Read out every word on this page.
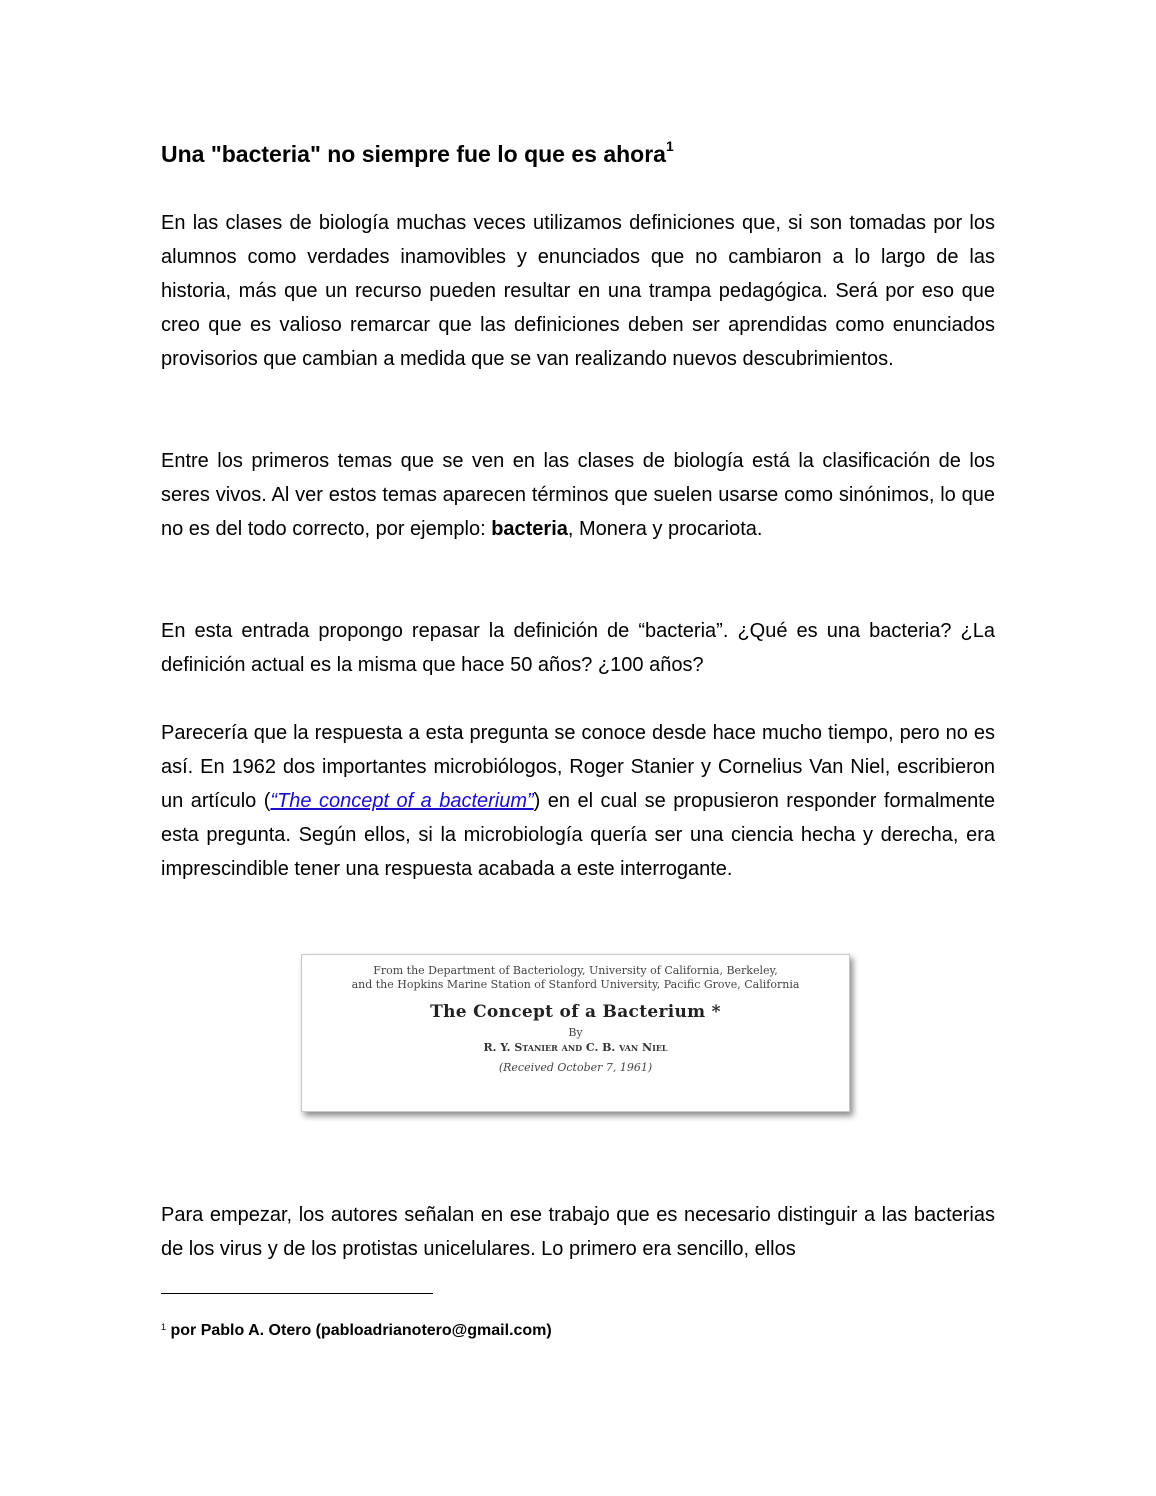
Una "bacteria" no siempre fue lo que es ahora$^1$

En las clases de biología muchas veces utilizamos definiciones que, si son tomadas por los alumnos como verdades inamovibles y enunciados que no cambiaron a lo largo de las historia, más que un recurso pueden resultar en una trampa pedagógica. Será por eso que creo que es valioso remarcar que las definiciones deben ser aprendidas como enunciados provisorios que cambian a medida que se van realizando nuevos descubrimientos.

Entre los primeros temas que se ven en las clases de biología está la clasificación de los seres vivos. Al ver estos temas aparecen términos que suelen usarse como sinónimos, lo que no es del todo correcto, por ejemplo: bacteria, Monera y procariota.

En esta entrada propongo repasar la definición de “bacteria”. ¿Qué es una bacteria? ¿La definición actual es la misma que hace 50 años? ¿100 años?

Parecería que la respuesta a esta pregunta se conoce desde hace mucho tiempo, pero no es así. En 1962 dos importantes microbiólogos, Roger Stanier y Cornelius Van Niel, escribieron un artículo (“The concept of a bacterium”) en el cual se propusieron responder formalmente esta pregunta. Según ellos, si la microbiología quería ser una ciencia hecha y derecha, era imprescindible tener una respuesta acabada a este interrogante.

From the Department of Bacteriology, University of California, Berkeley,
and the Hopkins Marine Station of Stanford University, Pacific Grove, California
The Concept of a Bacterium *
By
R. Y. Stanier and C. B. van Niel
(Received October 7, 1961)

Para empezar, los autores señalan en ese trabajo que es necesario distinguir a las bacterias de los virus y de los protistas unicelulares. Lo primero era sencillo, ellos

$^1$ por Pablo A. Otero (pabloadrianotero@gmail.com)
